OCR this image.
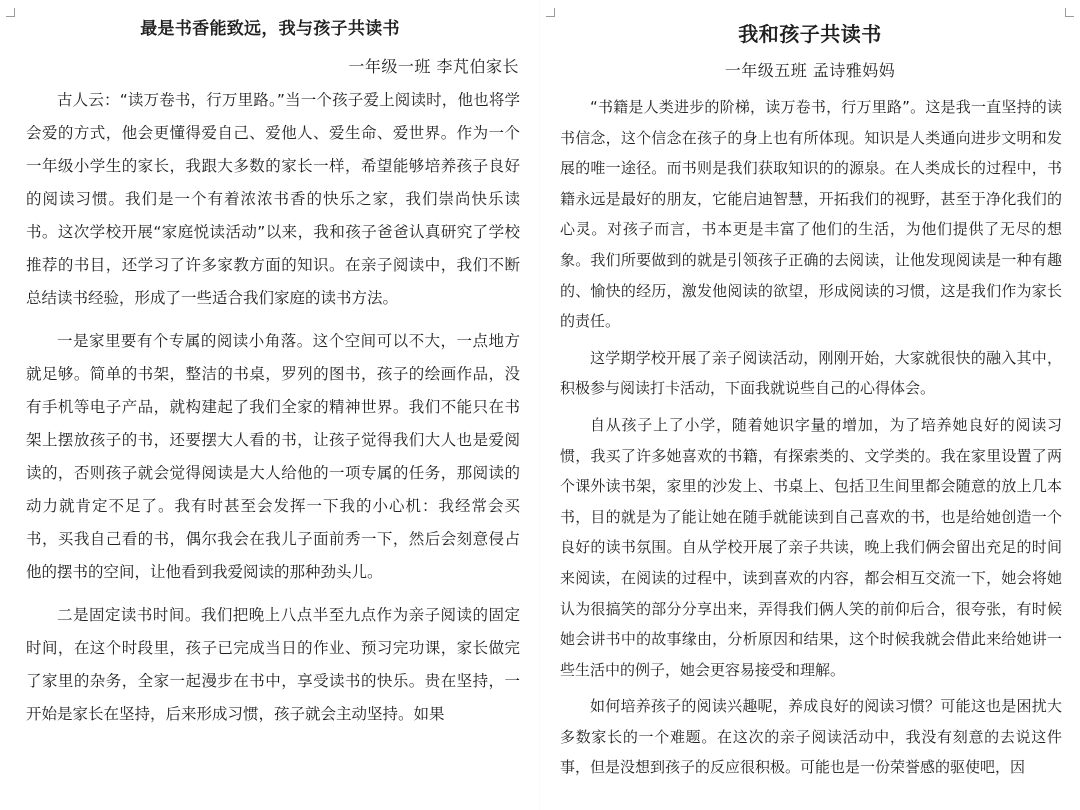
最是书香能致远，我与孩子共读书
一年级一班 李芃伯家长

古人云：“读万卷书，行万里路。”当一个孩子爱上阅读时，他也将学会爱的方式，他会更懂得爱自己、爱他人、爱生命、爱世界。作为一个一年级小学生的家长，我跟大多数的家长一样，希望能够培养孩子良好的阅读习惯。我们是一个有着浓浓书香的快乐之家，我们崇尚快乐读书。这次学校开展“家庭悦读活动”以来，我和孩子爸爸认真研究了学校推荐的书目，还学习了许多家教方面的知识。在亲子阅读中，我们不断总结读书经验，形成了一些适合我们家庭的读书方法。

一是家里要有个专属的阅读小角落。这个空间可以不大，一点地方就足够。简单的书架，整洁的书桌，罗列的图书，孩子的绘画作品，没有手机等电子产品，就构建起了我们全家的精神世界。我们不能只在书架上摆放孩子的书，还要摆大人看的书，让孩子觉得我们大人也是爱阅读的，否则孩子就会觉得阅读是大人给他的一项专属的任务，那阅读的动力就肯定不足了。我有时甚至会发挥一下我的小心机：我经常会买书，买我自己看的书，偶尔我会在我儿子面前秀一下，然后会刻意侵占他的摆书的空间，让他看到我爱阅读的那种劲头儿。

二是固定读书时间。我们把晚上八点半至九点作为亲子阅读的固定时间，在这个时段里，孩子已完成当日的作业、预习完功课，家长做完了家里的杂务，全家一起漫步在书中，享受读书的快乐。贵在坚持，一开始是家长在坚持，后来形成习惯，孩子就会主动坚持。如果

我和孩子共读书
一年级五班 孟诗雅妈妈

“书籍是人类进步的阶梯，读万卷书，行万里路”。这是我一直坚持的读书信念，这个信念在孩子的身上也有所体现。知识是人类通向进步文明和发展的唯一途径。而书则是我们获取知识的的源泉。在人类成长的过程中，书籍永远是最好的朋友，它能启迪智慧，开拓我们的视野，甚至于净化我们的心灵。对孩子而言，书本更是丰富了他们的生活，为他们提供了无尽的想象。我们所要做到的就是引领孩子正确的去阅读，让他发现阅读是一种有趣的、愉快的经历，激发他阅读的欲望，形成阅读的习惯，这是我们作为家长的责任。

这学期学校开展了亲子阅读活动，刚刚开始，大家就很快的融入其中，积极参与阅读打卡活动，下面我就说些自己的心得体会。

自从孩子上了小学，随着她识字量的增加，为了培养她良好的阅读习惯，我买了许多她喜欢的书籍，有探索类的、文学类的。我在家里设置了两个课外读书架，家里的沙发上、书桌上、包括卫生间里都会随意的放上几本书，目的就是为了能让她在随手就能读到自己喜欢的书，也是给她创造一个良好的读书氛围。自从学校开展了亲子共读，晚上我们俩会留出充足的时间来阅读，在阅读的过程中，读到喜欢的内容，都会相互交流一下，她会将她认为很搞笑的部分分享出来，弄得我们俩人笑的前仰后合，很夸张，有时候她会讲书中的故事缘由，分析原因和结果，这个时候我就会借此来给她讲一些生活中的例子，她会更容易接受和理解。

如何培养孩子的阅读兴趣呢，养成良好的阅读习惯？可能这也是困扰大多数家长的一个难题。在这次的亲子阅读活动中，我没有刻意的去说这件事，但是没想到孩子的反应很积极。可能也是一份荣誉感的驱使吧，因
